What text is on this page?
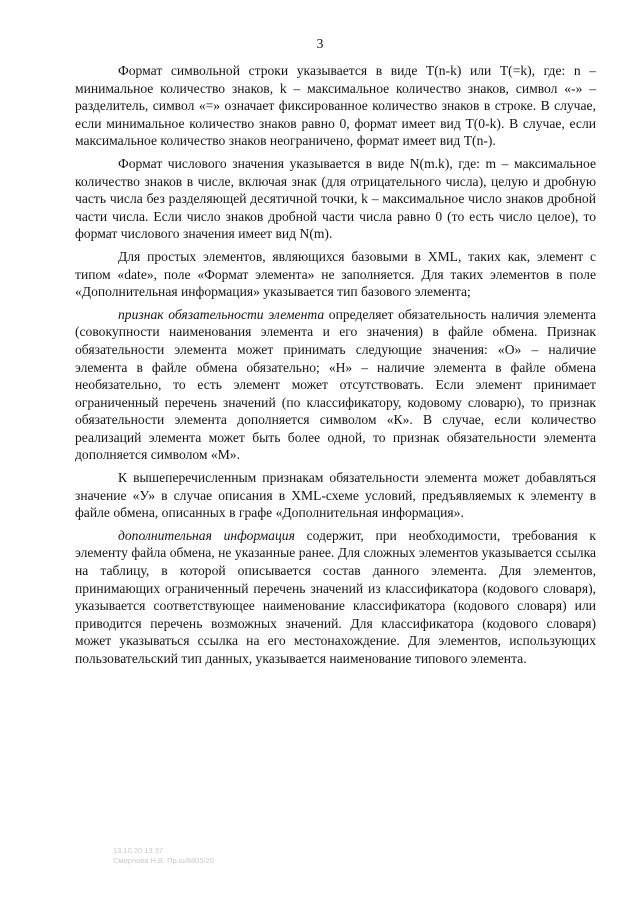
3

Формат символьной строки указывается в виде T(n-k) или T(=k), где: n – минимальное количество знаков, k – максимальное количество знаков, символ «-» – разделитель, символ «=» означает фиксированное количество знаков в строке. В случае, если минимальное количество знаков равно 0, формат имеет вид T(0-k). В случае, если максимальное количество знаков неограничено, формат имеет вид T(n-).

Формат числового значения указывается в виде N(m.k), где: m – максимальное количество знаков в числе, включая знак (для отрицательного числа), целую и дробную часть числа без разделяющей десятичной точки, k – максимальное число знаков дробной части числа. Если число знаков дробной части числа равно 0 (то есть число целое), то формат числового значения имеет вид N(m).

Для простых элементов, являющихся базовыми в XML, таких как, элемент с типом «date», поле «Формат элемента» не заполняется. Для таких элементов в поле «Дополнительная информация» указывается тип базового элемента;

признак обязательности элемента определяет обязательность наличия элемента (совокупности наименования элемента и его значения) в файле обмена. Признак обязательности элемента может принимать следующие значения: «О» – наличие элемента в файле обмена обязательно; «Н» – наличие элемента в файле обмена необязательно, то есть элемент может отсутствовать. Если элемент принимает ограниченный перечень значений (по классификатору, кодовому словарю), то признак обязательности элемента дополняется символом «К». В случае, если количество реализаций элемента может быть более одной, то признак обязательности элемента дополняется символом «М».

К вышеперечисленным признакам обязательности элемента может добавляться значение «У» в случае описания в XML-схеме условий, предъявляемых к элементу в файле обмена, описанных в графе «Дополнительная информация».

дополнительная информация содержит, при необходимости, требования к элементу файла обмена, не указанные ранее. Для сложных элементов указывается ссылка на таблицу, в которой описывается состав данного элемента. Для элементов, принимающих ограниченный перечень значений из классификатора (кодового словаря), указывается соответствующее наименование классификатора (кодового словаря) или приводится перечень возможных значений. Для классификатора (кодового словаря) может указываться ссылка на его местонахождение. Для элементов, использующих пользовательский тип данных, указывается наименование типового элемента.

13.10.20 13:37
Смирнова Н.В. Пр.ш/8805/20
